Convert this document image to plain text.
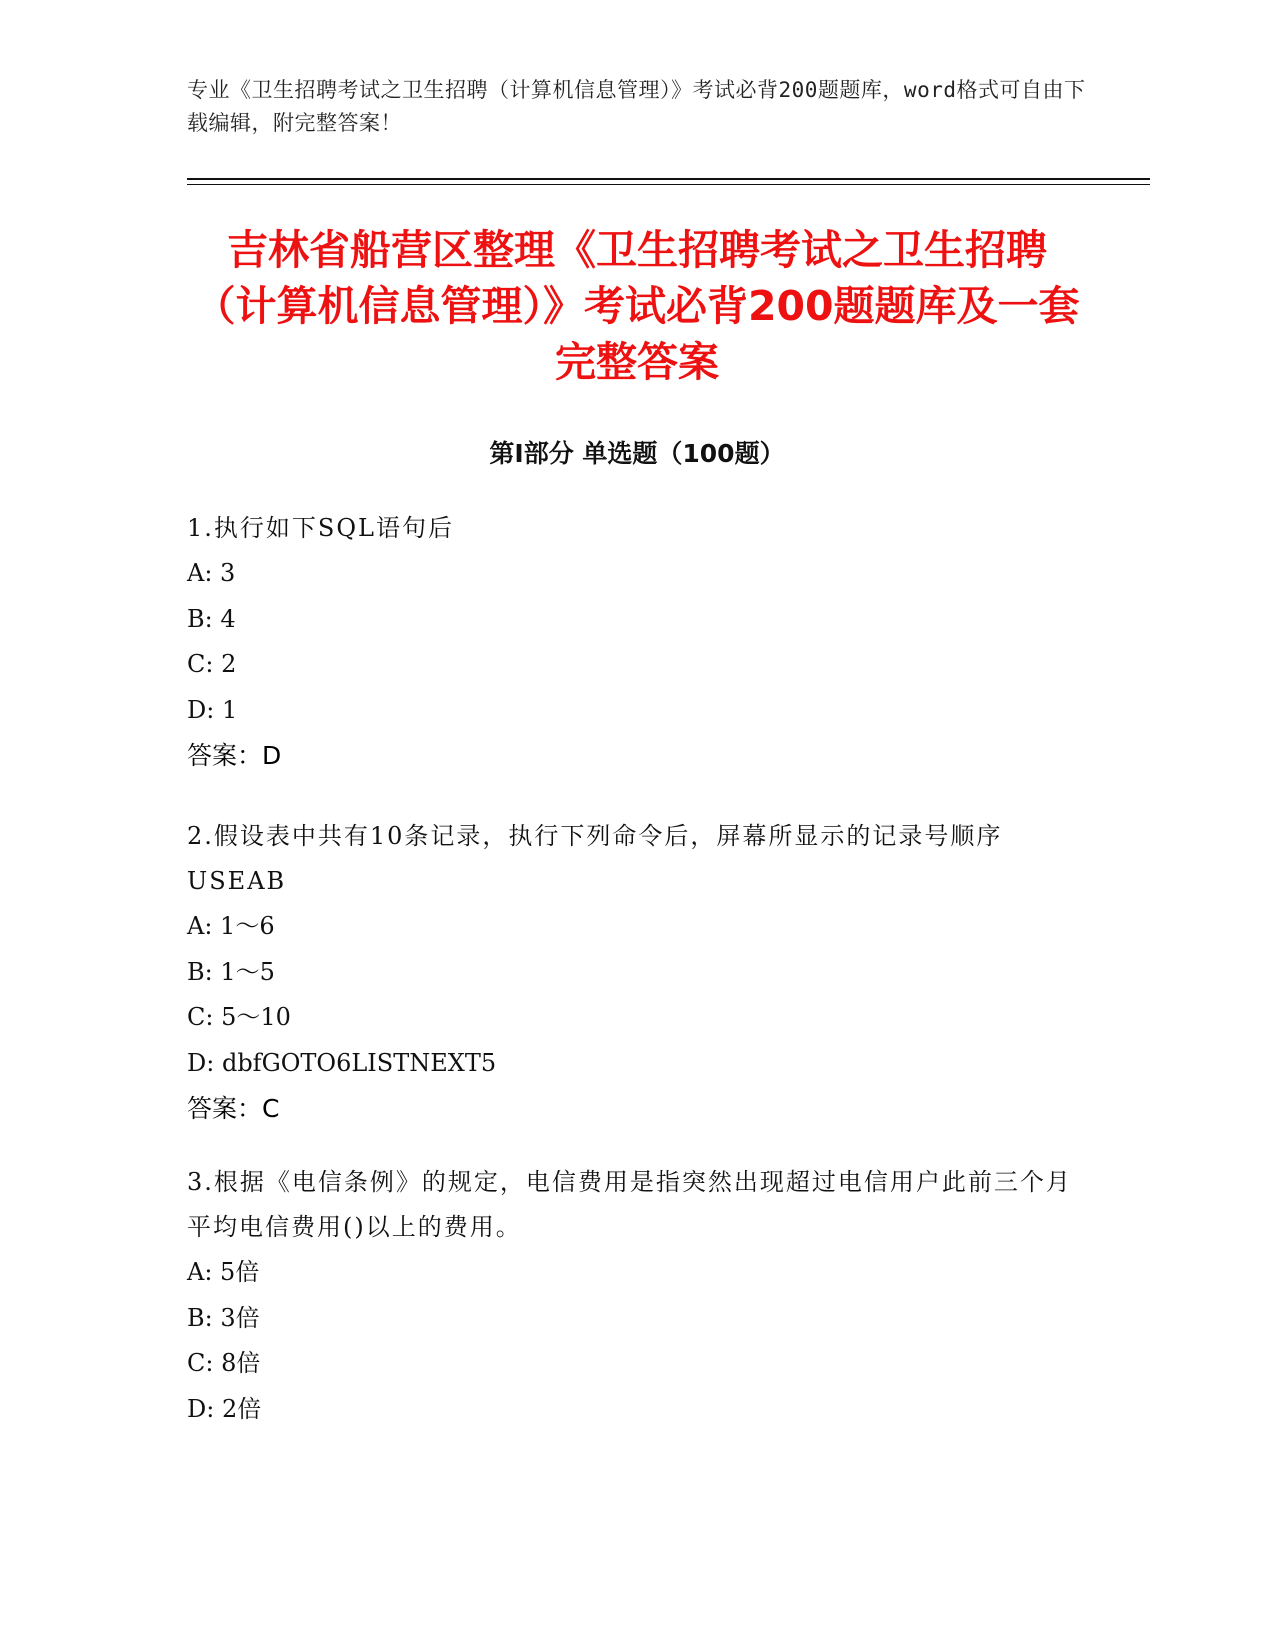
专业《卫生招聘考试之卫生招聘（计算机信息管理）》考试必背200题题库，word格式可自由下载编辑，附完整答案！
吉林省船营区整理《卫生招聘考试之卫生招聘（计算机信息管理）》考试必背200题题库及一套完整答案
第I部分 单选题（100题）
1.执行如下SQL语句后
A: 3
B: 4
C: 2
D: 1
答案：D
2.假设表中共有10条记录，执行下列命令后，屏幕所显示的记录号顺序USEAB
A: 1～6
B: 1～5
C: 5～10
D: dbfGOTO6LISTNEXT5
答案：C
3.根据《电信条例》的规定，电信费用是指突然出现超过电信用户此前三个月平均电信费用()以上的费用。
A: 5倍
B: 3倍
C: 8倍
D: 2倍
